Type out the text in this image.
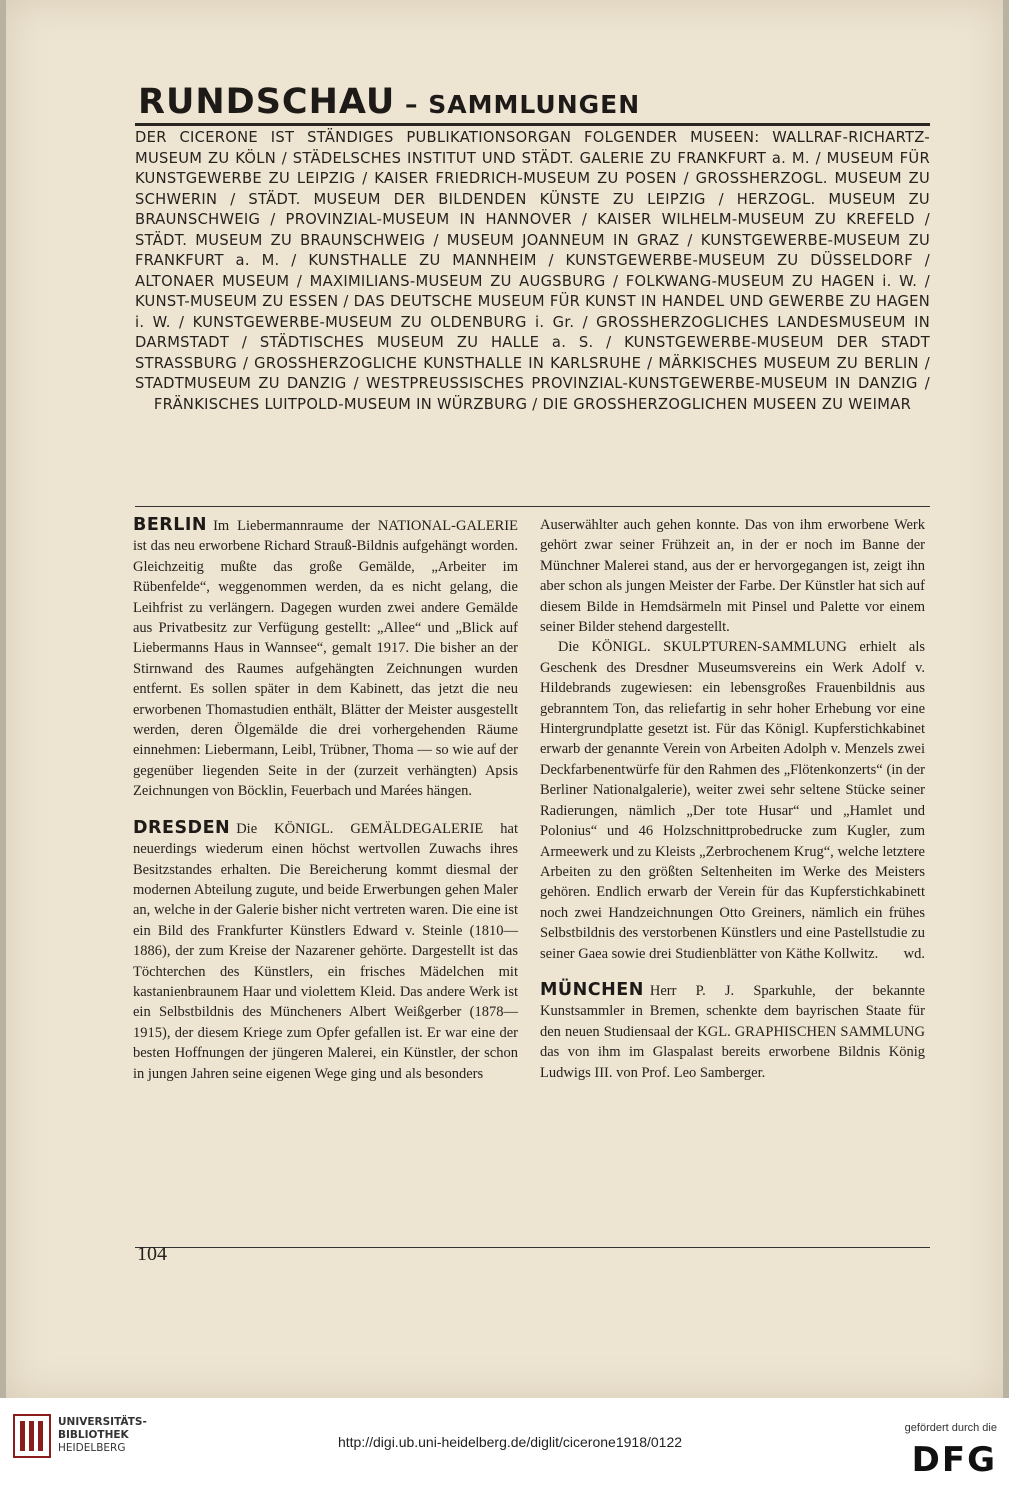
RUNDSCHAU – SAMMLUNGEN
DER CICERONE IST STÄNDIGES PUBLIKATIONSORGAN FOLGENDER MUSEEN: WALLRAF-RICHARTZ-MUSEUM ZU KÖLN / STÄDELSCHES INSTITUT UND STÄDT. GALERIE ZU FRANKFURT a. M. / MUSEUM FÜR KUNSTGEWERBE ZU LEIPZIG / KAISER FRIEDRICH-MUSEUM ZU POSEN / GROSSHERZOGL. MUSEUM ZU SCHWERIN / STÄDT. MUSEUM DER BILDENDEN KÜNSTE ZU LEIPZIG / HERZOGL. MUSEUM ZU BRAUNSCHWEIG / PROVINZIAL-MUSEUM IN HANNOVER / KAISER WILHELM-MUSEUM ZU KREFELD / STÄDT. MUSEUM ZU BRAUNSCHWEIG / MUSEUM JOANNEUM IN GRAZ / KUNSTGEWERBE-MUSEUM ZU FRANKFURT a. M. / KUNSTHALLE ZU MANNHEIM / KUNSTGEWERBE-MUSEUM ZU DÜSSELDORF / ALTONAER MUSEUM / MAXIMILIANS-MUSEUM ZU AUGSBURG / FOLKWANG-MUSEUM ZU HAGEN i. W. / KUNST-MUSEUM ZU ESSEN / DAS DEUTSCHE MUSEUM FÜR KUNST IN HANDEL UND GEWERBE ZU HAGEN i. W. / KUNSTGEWERBE-MUSEUM ZU OLDENBURG i. Gr. / GROSSHERZOGLICHES LANDESMUSEUM IN DARMSTADT / STÄDTISCHES MUSEUM ZU HALLE a. S. / KUNSTGEWERBE-MUSEUM DER STADT STRASSBURG / GROSSHERZOGLICHE KUNSTHALLE IN KARLSRUHE / MÄRKISCHES MUSEUM ZU BERLIN / STADTMUSEUM ZU DANZIG / WESTPREUSSISCHES PROVINZIAL-KUNSTGEWERBE-MUSEUM IN DANZIG / FRÄNKISCHES LUITPOLD-MUSEUM IN WÜRZBURG / DIE GROSSHERZOGLICHEN MUSEEN ZU WEIMAR

BERLIN Im Liebermannraume der NATIONAL-GALERIE ist das neu erworbene Richard Strauß-Bildnis aufgehängt worden. Gleichzeitig mußte das große Gemälde, „Arbeiter im Rübenfelde“, weggenommen werden, da es nicht gelang, die Leihfrist zu verlängern. Dagegen wurden zwei andere Gemälde aus Privatbesitz zur Verfügung gestellt: „Allee“ und „Blick auf Liebermanns Haus in Wannsee“, gemalt 1917. Die bisher an der Stirnwand des Raumes aufgehängten Zeichnungen wurden entfernt. Es sollen später in dem Kabinett, das jetzt die neu erworbenen Thomastudien enthält, Blätter der Meister ausgestellt werden, deren Ölgemälde die drei vorhergehenden Räume einnehmen: Liebermann, Leibl, Trübner, Thoma — so wie auf der gegenüber liegenden Seite in der (zurzeit verhängten) Apsis Zeichnungen von Böcklin, Feuerbach und Marées hängen.

DRESDEN Die KÖNIGL. GEMÄLDEGALERIE hat neuerdings wiederum einen höchst wertvollen Zuwachs ihres Besitzstandes erhalten. Die Bereicherung kommt diesmal der modernen Abteilung zugute, und beide Erwerbungen gehen Maler an, welche in der Galerie bisher nicht vertreten waren. Die eine ist ein Bild des Frankfurter Künstlers Edward v. Steinle (1810—1886), der zum Kreise der Nazarener gehörte. Dargestellt ist das Töchterchen des Künstlers, ein frisches Mädelchen mit kastanienbraunem Haar und violettem Kleid. Das andere Werk ist ein Selbstbildnis des Müncheners Albert Weißgerber (1878—1915), der diesem Kriege zum Opfer gefallen ist. Er war eine der besten Hoffnungen der jüngeren Malerei, ein Künstler, der schon in jungen Jahren seine eigenen Wege ging und als besonders

Auserwählter auch gehen konnte. Das von ihm erworbene Werk gehört zwar seiner Frühzeit an, in der er noch im Banne der Münchner Malerei stand, aus der er hervorgegangen ist, zeigt ihn aber schon als jungen Meister der Farbe. Der Künstler hat sich auf diesem Bilde in Hemdsärmeln mit Pinsel und Palette vor einem seiner Bilder stehend dargestellt.

Die KÖNIGL. SKULPTUREN-SAMMLUNG erhielt als Geschenk des Dresdner Museumsvereins ein Werk Adolf v. Hildebrands zugewiesen: ein lebensgroßes Frauenbildnis aus gebranntem Ton, das reliefartig in sehr hoher Erhebung vor eine Hintergrundplatte gesetzt ist. Für das Königl. Kupferstichkabinet erwarb der genannte Verein von Arbeiten Adolph v. Menzels zwei Deckfarbenentwürfe für den Rahmen des „Flötenkonzerts“ (in der Berliner Nationalgalerie), weiter zwei sehr seltene Stücke seiner Radierungen, nämlich „Der tote Husar“ und „Hamlet und Polonius“ und 46 Holzschnittprobedrucke zum Kugler, zum Armeewerk und zu Kleists „Zerbrochenem Krug“, welche letztere Arbeiten zu den größten Seltenheiten im Werke des Meisters gehören. Endlich erwarb der Verein für das Kupferstichkabinett noch zwei Handzeichnungen Otto Greiners, nämlich ein frühes Selbstbildnis des verstorbenen Künstlers und eine Pastellstudie zu seiner Gaea sowie drei Studienblätter von Käthe Kollwitz.	wd.

MÜNCHEN Herr P. J. Sparkuhle, der bekannte Kunstsammler in Bremen, schenkte dem bayrischen Staate für den neuen Studiensaal der KGL. GRAPHISCHEN SAMMLUNG das von ihm im Glaspalast bereits erworbene Bildnis König Ludwigs III. von Prof. Leo Samberger.

104
UNIVERSITÄTS-
BIBLIOTHEK
HEIDELBERG	http://digi.ub.uni-heidelberg.de/diglit/cicerone1918/0122
gefördert durch die
DFG
